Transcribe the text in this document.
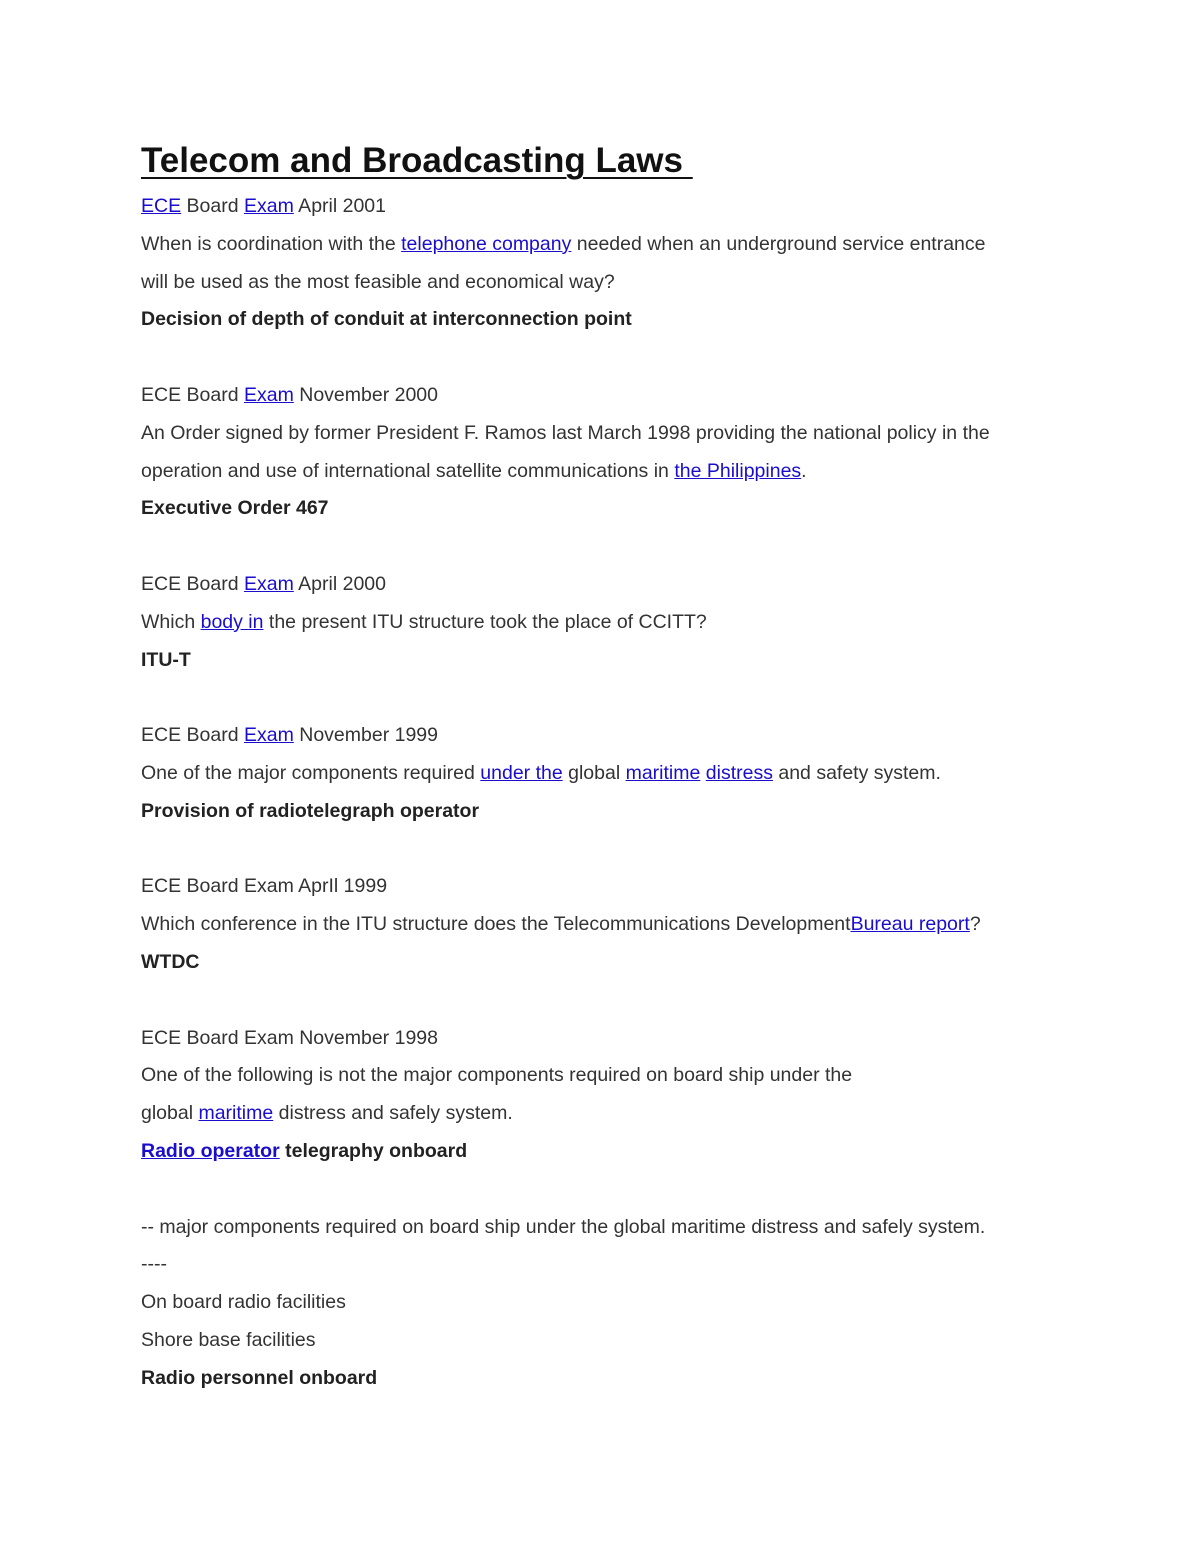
Telecom and Broadcasting Laws
ECE Board Exam April 2001
When is coordination with the telephone company needed when an underground service entrance
will be used as the most feasible and economical way?
Decision of depth of conduit at interconnection point
ECE Board Exam November 2000
An Order signed by former President F. Ramos last March 1998 providing the national policy in the
operation and use of international satellite communications in the Philippines.
Executive Order 467
ECE Board Exam April 2000
Which body in the present ITU structure took the place of CCITT?
ITU-T
ECE Board Exam November 1999
One of the major components required under the global maritime distress and safety system.
Provision of radiotelegraph operator
ECE Board Exam AprIl 1999
Which conference in the ITU structure does the Telecommunications DevelopmentBureau report?
WTDC
ECE Board Exam November 1998
One of the following is not the major components required on board ship under the
global maritime distress and safely system.
Radio operator telegraphy onboard
-- major components required on board ship under the global maritime distress and safely system.
----
On board radio facilities
Shore base facilities
Radio personnel onboard
